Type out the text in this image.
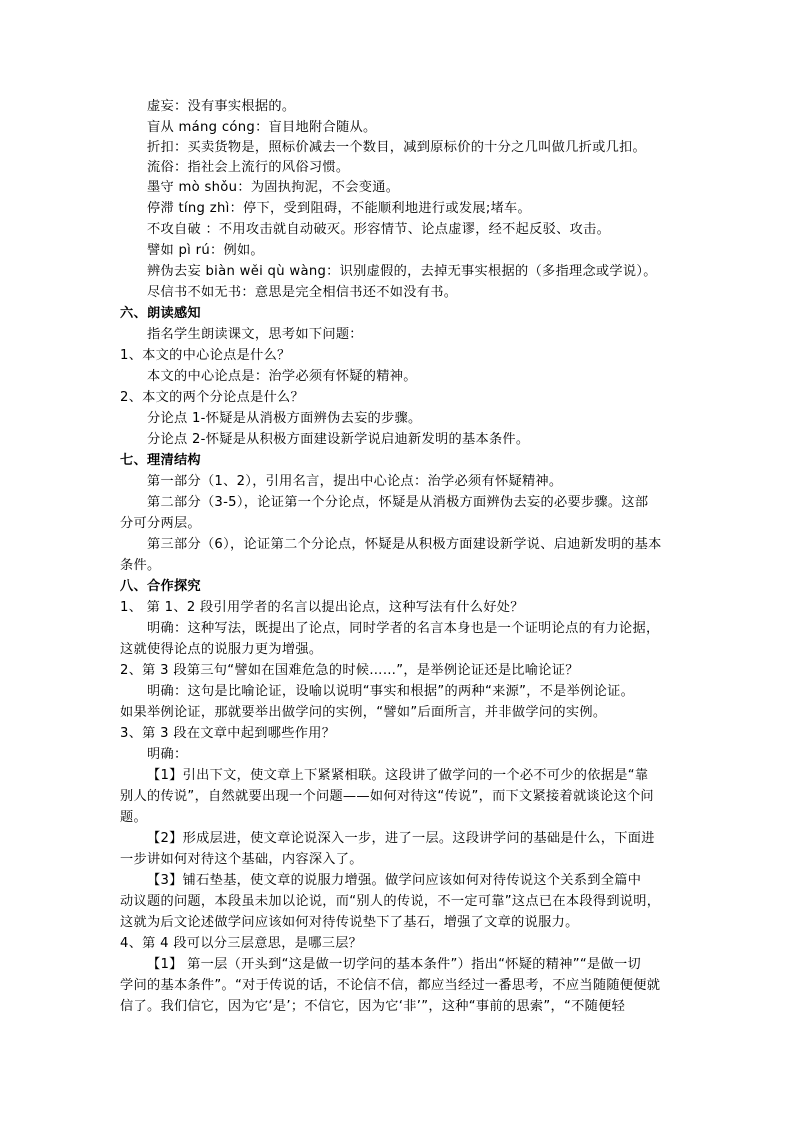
虚妄：没有事实根据的。
盲从 máng cóng：盲目地附合随从。
折扣：买卖货物是，照标价减去一个数目，减到原标价的十分之几叫做几折或几扣。
流俗：指社会上流行的风俗习惯。
墨守 mò shǒu：为固执拘泥，不会变通。
停滞 tíng zhì：停下，受到阻碍，不能顺利地进行或发展;堵车。
不攻自破 ：不用攻击就自动破灭。形容情节、论点虚谬，经不起反驳、攻击。
譬如 pì rú：例如。
辨伪去妄 biàn wěi qù wàng：识别虚假的，去掉无事实根据的（多指理念或学说）。
尽信书不如无书：意思是完全相信书还不如没有书。
六、朗读感知
指名学生朗读课文，思考如下问题：
1、本文的中心论点是什么？
本文的中心论点是：治学必须有怀疑的精神。
2、本文的两个分论点是什么？
分论点 1-怀疑是从消极方面辨伪去妄的步骤。
分论点 2-怀疑是从积极方面建设新学说启迪新发明的基本条件。
七、理清结构
第一部分（1、2），引用名言，提出中心论点：治学必须有怀疑精神。
第二部分（3-5），论证第一个分论点，怀疑是从消极方面辨伪去妄的必要步骤。这部
分可分两层。
第三部分（6），论证第二个分论点，怀疑是从积极方面建设新学说、启迪新发明的基本
条件。
八、合作探究
1、 第 1、2 段引用学者的名言以提出论点，这种写法有什么好处？
明确：这种写法，既提出了论点，同时学者的名言本身也是一个证明论点的有力论据，
这就使得论点的说服力更为增强。
2、第 3 段第三句“譬如在国难危急的时候……”，是举例论证还是比喻论证？
明确：这句是比喻论证，设喻以说明“事实和根据”的两种“来源”，不是举例论证。
如果举例论证，那就要举出做学问的实例，“譬如”后面所言，并非做学问的实例。
3、第 3 段在文章中起到哪些作用？
明确：
【1】引出下文，使文章上下紧紧相联。这段讲了做学问的一个必不可少的依据是“靠
别人的传说”，自然就要出现一个问题——如何对待这“传说”，而下文紧接着就谈论这个问
题。
【2】形成层进，使文章论说深入一步，进了一层。这段讲学问的基础是什么，下面进
一步讲如何对待这个基础，内容深入了。
【3】铺石垫基，使文章的说服力增强。做学问应该如何对待传说这个关系到全篇中
动议题的问题，本段虽未加以论说，而“别人的传说，不一定可靠”这点已在本段得到说明，
这就为后文论述做学问应该如何对待传说垫下了基石，增强了文章的说服力。
4、第 4 段可以分三层意思，是哪三层？
【1】 第一层（开头到“这是做一切学问的基本条件”）指出“怀疑的精神”“是做一切
学问的基本条件”。“对于传说的话，不论信不信，都应当经过一番思考，不应当随随便便就
信了。我们信它，因为它‘是’；不信它，因为它‘非’”，这种“事前的思索”，“不随便轻
